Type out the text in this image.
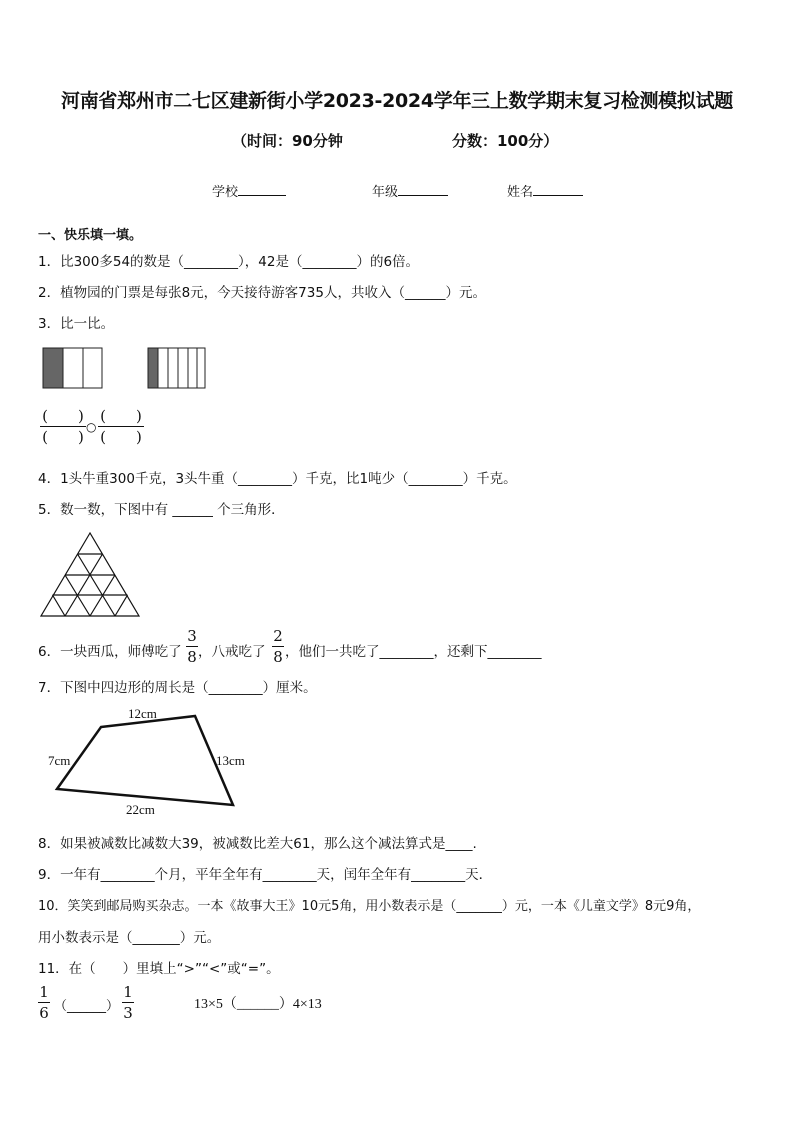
河南省郑州市二七区建新街小学2023-2024学年三上数学期末复习检测模拟试题
（时间：90分钟	分数：100分）
学校	年级	姓名
一、快乐填一填。
1．比300多54的数是（________），42是（________）的6倍。
2．植物园的门票是每张8元，今天接待游客735人，共收入（______）元。
3．比一比。
(　　)
(　　)
○
(　　)
(　　)
4．1头牛重300千克，3头牛重（________）千克，比1吨少（________）千克。
5．数一数，下图中有 ______ 个三角形．
6．一块西瓜，师傅吃了
3
8 ，八戒吃了
2
8 ，他们一共吃了________，还剩下________
7．下图中四边形的周长是（________）厘米。
12cm
7cm	13cm
22cm
8．如果被减数比减数大39，被减数比差大61，那么这个减法算式是____.
9．一年有________个月，平年全年有________天，闰年全年有________天．
10．笑笑到邮局购买杂志。一本《故事大王》10元5角，用小数表示是（_______）元，一本《儿童文学》8元9角，
用小数表示是（_______）元。
11．在（　　）里填上“>”“<”或“=”。
1
6 （______）
1
3	13×5（______）4×13
